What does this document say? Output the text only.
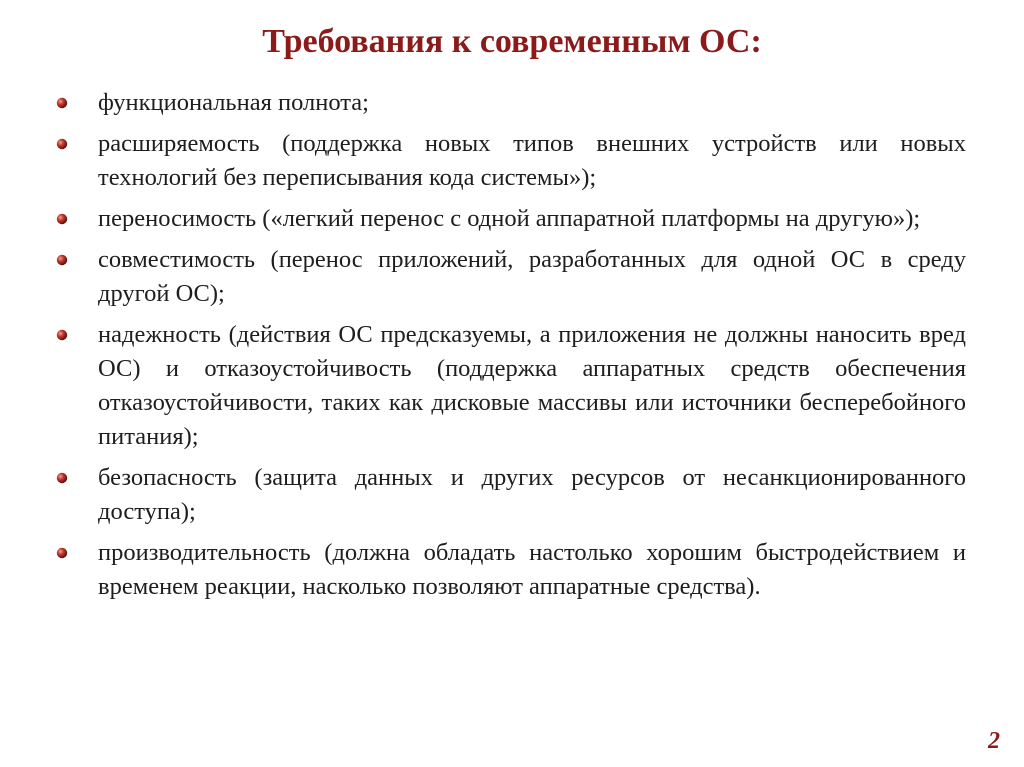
Требования к современным ОС:
функциональная полнота;
расширяемость (поддержка новых типов внешних устройств или новых технологий без переписывания кода системы»);
переносимость («легкий перенос с одной аппаратной платформы на другую»);
совместимость (перенос приложений, разработанных для одной ОС в среду другой ОС);
надежность (действия ОС предсказуемы, а приложения не должны наносить вред ОС) и отказоустойчивость (поддержка аппаратных средств обеспечения отказоустойчивости, таких как дисковые массивы или источники бесперебойного питания);
безопасность (защита данных и других ресурсов от несанкционированного доступа);
производительность (должна обладать настолько хорошим быстродействием и временем реакции, насколько позволяют аппаратные средства).
2
